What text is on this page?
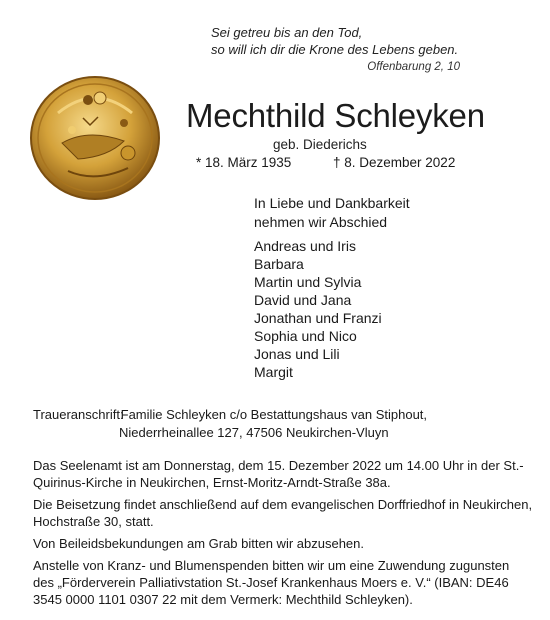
Sei getreu bis an den Tod,
so will ich dir die Krone des Lebens geben.
Offenbarung 2, 10
Mechthild Schleyken
geb. Diederichs
* 18. März 1935	† 8. Dezember 2022
In Liebe und Dankbarkeit
nehmen wir Abschied
Andreas und Iris
Barbara
Martin und Sylvia
David und Jana
Jonathan und Franzi
Sophia und Nico
Jonas und Lili
Margit
Traueranschrift: Familie Schleyken c/o Bestattungshaus van Stiphout,
Niederrheinallee 127, 47506 Neukirchen-Vluyn

Das Seelenamt ist am Donnerstag, dem 15. Dezember 2022 um 14.00 Uhr in der St.-Quirinus-Kirche in Neukirchen, Ernst-Moritz-Arndt-Straße 38a.

Die Beisetzung findet anschließend auf dem evangelischen Dorffriedhof in Neukirchen, Hochstraße 30, statt.

Von Beileidsbekundungen am Grab bitten wir abzusehen.

Anstelle von Kranz- und Blumenspenden bitten wir um eine Zuwendung zugunsten des „Förderverein Palliativstation St.-Josef Krankenhaus Moers e. V.“ (IBAN: DE46 3545 0000 1101 0307 22 mit dem Vermerk: Mechthild Schleyken).
